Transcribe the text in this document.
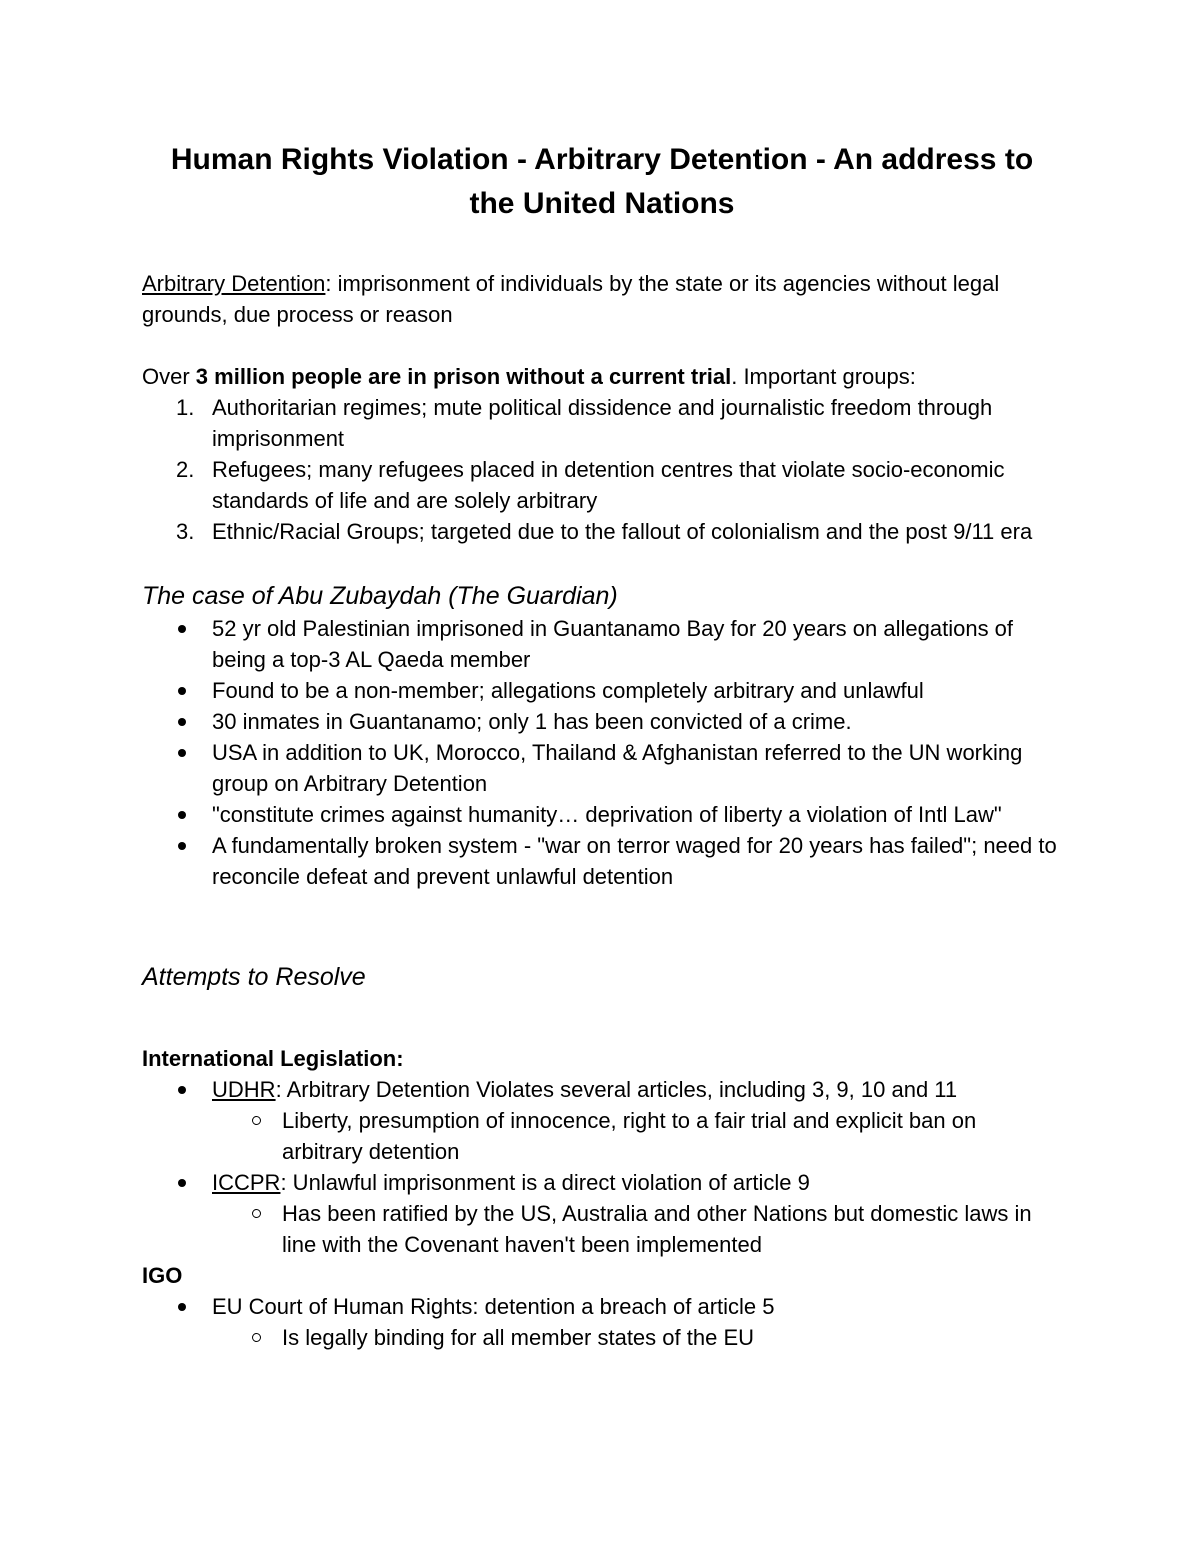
Human Rights Violation - Arbitrary Detention - An address to the United Nations

Arbitrary Detention: imprisonment of individuals by the state or its agencies without legal grounds, due process or reason

Over 3 million people are in prison without a current trial. Important groups:

1. Authoritarian regimes; mute political dissidence and journalistic freedom through imprisonment
2. Refugees; many refugees placed in detention centres that violate socio-economic standards of life and are solely arbitrary
3. Ethnic/Racial Groups; targeted due to the fallout of colonialism and the post 9/11 era
The case of Abu Zubaydah (The Guardian)
52 yr old Palestinian imprisoned in Guantanamo Bay for 20 years on allegations of being a top-3 AL Qaeda member
Found to be a non-member; allegations completely arbitrary and unlawful
30 inmates in Guantanamo; only 1 has been convicted of a crime.
USA in addition to UK, Morocco, Thailand & Afghanistan referred to the UN working group on Arbitrary Detention
"constitute crimes against humanity… deprivation of liberty a violation of Intl Law"
A fundamentally broken system - "war on terror waged for 20 years has failed"; need to reconcile defeat and prevent unlawful detention
Attempts to Resolve

International Legislation:

UDHR: Arbitrary Detention Violates several articles, including 3, 9, 10 and 11
Liberty, presumption of innocence, right to a fair trial and explicit ban on arbitrary detention
ICCPR: Unlawful imprisonment is a direct violation of article 9
Has been ratified by the US, Australia and other Nations but domestic laws in line with the Covenant haven't been implemented

IGO

EU Court of Human Rights: detention a breach of article 5
Is legally binding for all member states of the EU
